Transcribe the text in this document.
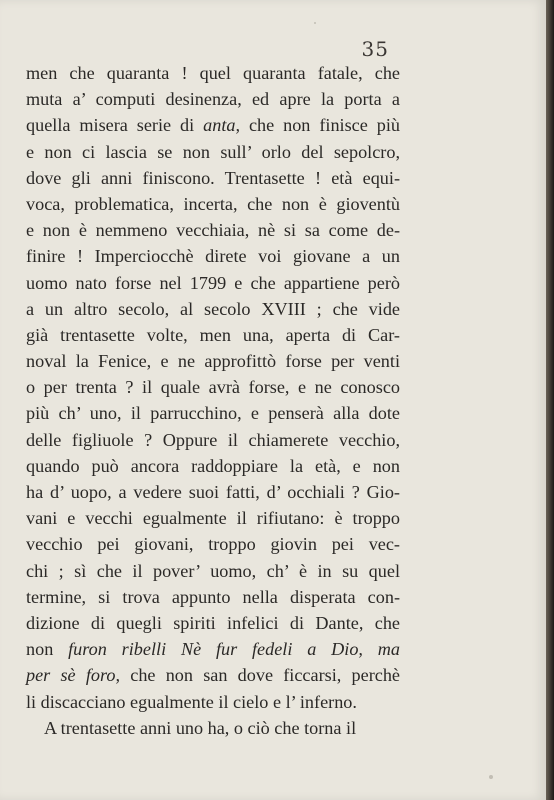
35
men che quaranta ! quel quaranta fatale, che
muta a’ computi desinenza, ed apre la porta a
quella misera serie di anta, che non finisce più
e non ci lascia se non sull’ orlo del sepolcro,
dove gli anni finiscono. Trentasette ! età equi-
voca, problematica, incerta, che non è gioventù
e non è nemmeno vecchiaia, nè si sa come de-
finire ! Imperciocchè direte voi giovane a un
uomo nato forse nel 1799 e che appartiene però
a un altro secolo, al secolo XVIII ; che vide
già trentasette volte, men una, aperta di Car-
noval la Fenice, e ne approfittò forse per venti
o per trenta ? il quale avrà forse, e ne conosco
più ch’ uno, il parrucchino, e penserà alla dote
delle figliuole ? Oppure il chiamerete vecchio,
quando può ancora raddoppiare la età, e non
ha d’ uopo, a vedere suoi fatti, d’ occhiali ? Gio-
vani e vecchi egualmente il rifiutano: è troppo
vecchio pei giovani, troppo giovin pei vec-
chi ; sì che il pover’ uomo, ch’ è in su quel
termine, si trova appunto nella disperata con-
dizione di quegli spiriti infelici di Dante, che
non furon ribelli Nè fur fedeli a Dio, ma
per sè foro, che non san dove ficcarsi, perchè
li discacciano egualmente il cielo e l’ inferno.
A trentasette anni uno ha, o ciò che torna il
